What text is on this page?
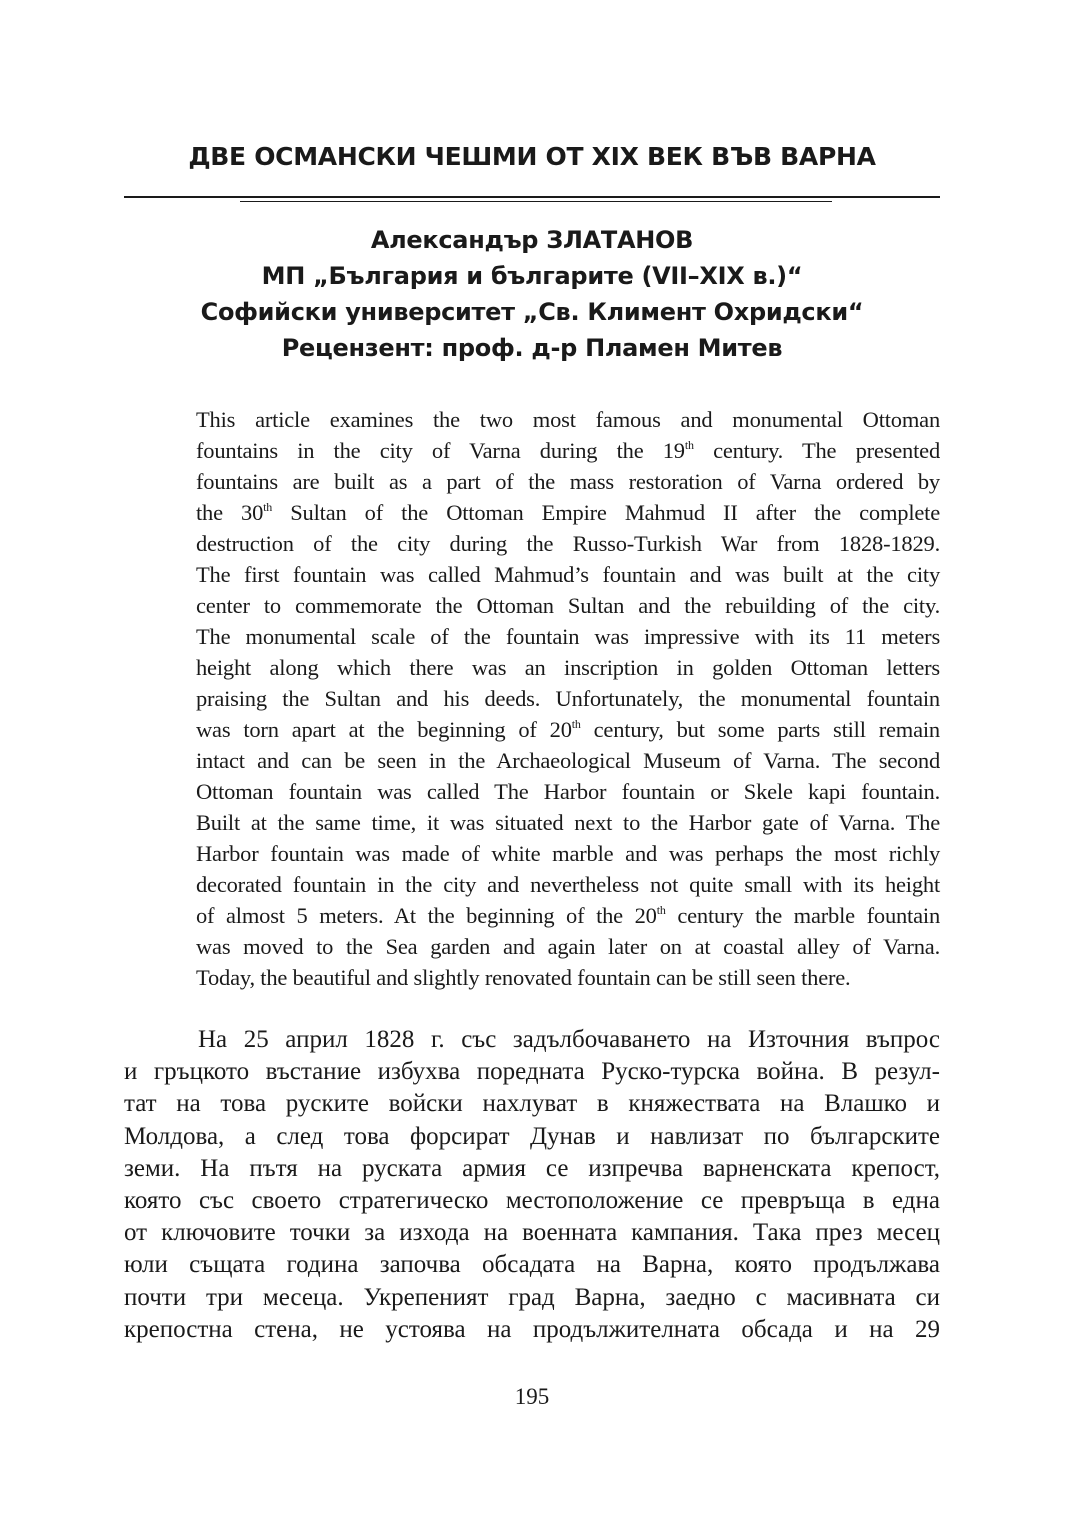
ДВЕ ОСМАНСКИ ЧЕШМИ ОТ XIX ВЕК ВЪВ ВАРНА
Александър ЗЛАТАНОВ
МП „България и българите (VII–XIX в.)“
Софийски университет „Св. Климент Охридски“
Рецензент: проф. д-р Пламен Митев
This article examines the two most famous and monumental Ottoman
fountains in the city of Varna during the 19th century. The presented
fountains are built as a part of the mass restoration of Varna ordered by
the 30th Sultan of the Ottoman Empire Mahmud II after the complete
destruction of the city during the Russo-Turkish War from 1828-1829.
The first fountain was called Mahmud’s fountain and was built at the city
center to commemorate the Ottoman Sultan and the rebuilding of the city.
The monumental scale of the fountain was impressive with its 11 meters
height along which there was an inscription in golden Ottoman letters
praising the Sultan and his deeds. Unfortunately, the monumental fountain
was torn apart at the beginning of 20th century, but some parts still remain
intact and can be seen in the Archaeological Museum of Varna. The second
Ottoman fountain was called The Harbor fountain or Skele kapi fountain.
Built at the same time, it was situated next to the Harbor gate of Varna. The
Harbor fountain was made of white marble and was perhaps the most richly
decorated fountain in the city and nevertheless not quite small with its height
of almost 5 meters. At the beginning of the 20th century the marble fountain
was moved to the Sea garden and again later on at coastal alley of Varna.
Today, the beautiful and slightly renovated fountain can be still seen there.
На 25 април 1828 г. със задълбочаването на Източния въпрос
и гръцкото въстание избухва поредната Руско-турска война. В резул-
тат на това руските войски нахлуват в княжествата на Влашко и
Молдова, а след това форсират Дунав и навлизат по българските
земи. На пътя на руската армия се изпречва варненската крепост,
която със своето стратегическо местоположение се превръща в една
от ключовите точки за изхода на военната кампания. Така през месец
юли същата година започва обсадата на Варна, която продължава
почти три месеца. Укрепеният град Варна, заедно с масивната си
крепостна стена, не устоява на продължителната обсада и на 29
195
